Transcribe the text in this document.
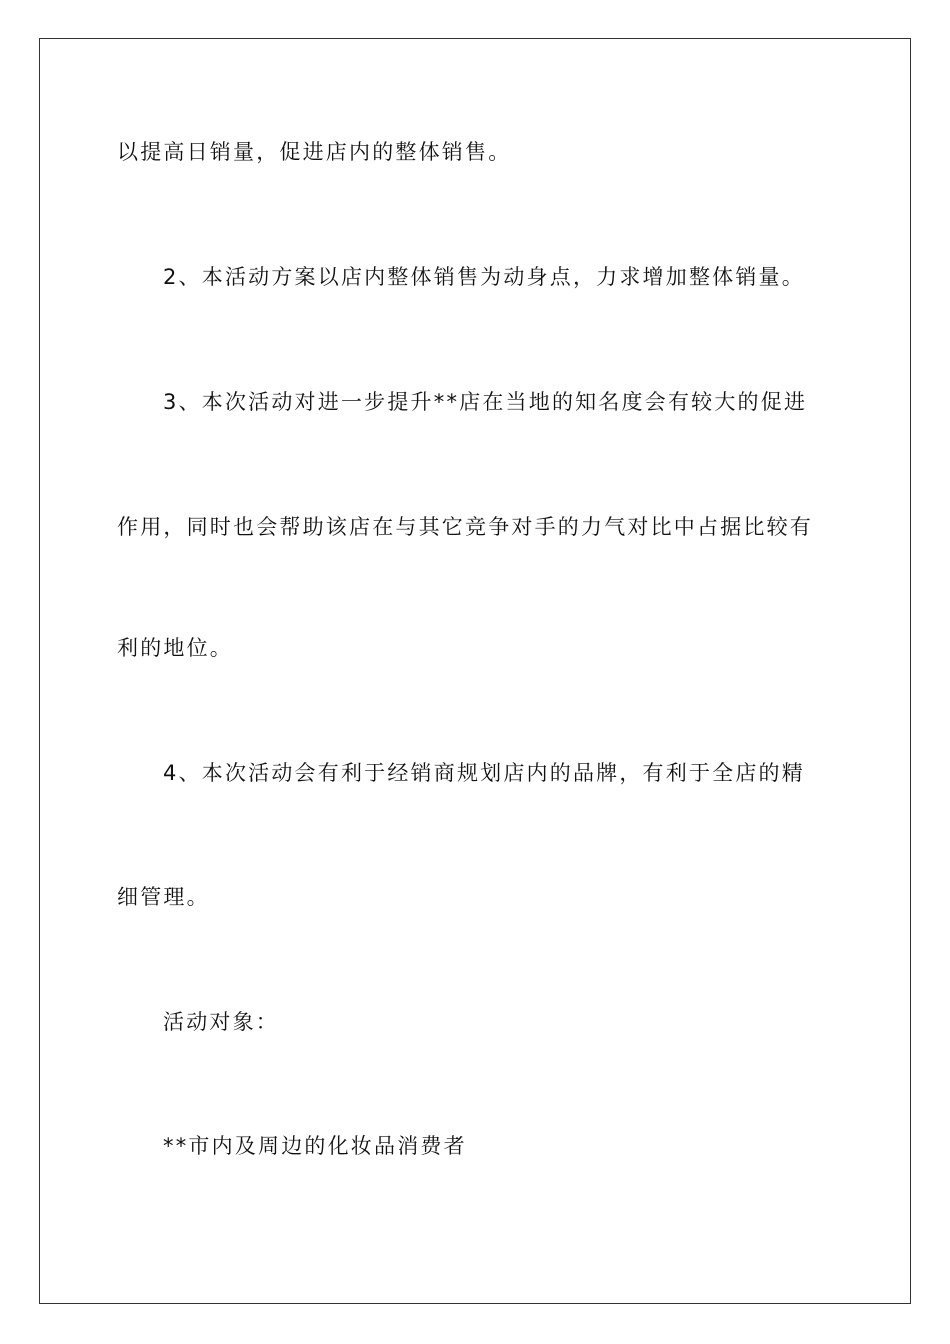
以提高日销量，促进店内的整体销售。
2、本活动方案以店内整体销售为动身点，力求增加整体销量。
3、本次活动对进一步提升**店在当地的知名度会有较大的促进
作用，同时也会帮助该店在与其它竞争对手的力气对比中占据比较有
利的地位。
4、本次活动会有利于经销商规划店内的品牌，有利于全店的精
细管理。
活动对象：
**市内及周边的化妆品消费者
